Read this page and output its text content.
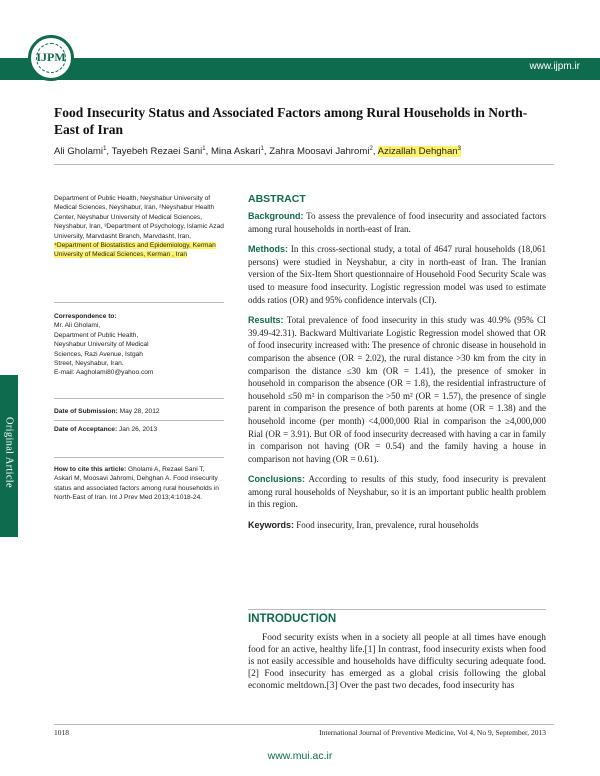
www.ijpm.ir
IJPM
Food Insecurity Status and Associated Factors among Rural Households in North-East of Iran
Ali Gholami$^1$, Tayebeh Rezaei Sani$^1$, Mina Askari$^1$, Zahra Moosavi Jahromi$^2$, Azizallah Dehghan$^3$
Department of Public Health, Neyshabur University of Medical Sciences, Neyshabur, Iran, ²Neyshabur Health Center, Neyshabur University of Medical Sciences, Neyshabur, Iran, ³Department of Psychology, Islamic Azad University, Marvdasht Branch, Marvdasht, Iran, ⁴Department of Biostatistics and Epidemiology, Kerman University of Medical Sciences, Kerman , Iran
Correspondence to:
Mr. Ali Gholami,
Department of Public Health,
Neyshabur University of Medical
Sciences, Razi Avenue, Istgah
Street, Neyshabur, Iran.
E-mail: Aagholami80@yahoo.com
Date of Submission: May 28, 2012
Date of Acceptance: Jan 26, 2013
How to cite this article: Gholami A, Rezaei Sani T, Askari M, Moosavi Jahromi, Dehghan A. Food insecurity status and associated factors among rural households in North-East of Iran. Int J Prev Med 2013;4:1018-24.
Original Article
ABSTRACT

Background: To assess the prevalence of food insecurity and associated factors among rural households in north-east of Iran.

Methods: In this cross-sectional study, a total of 4647 rural households (18,061 persons) were studied in Neyshabur, a city in north-east of Iran. The Iranian version of the Six-Item Short questionnaire of Household Food Security Scale was used to measure food insecurity. Logistic regression model was used to estimate odds ratios (OR) and 95% confidence intervals (CI).

Results: Total prevalence of food insecurity in this study was 40.9% (95% CI 39.49-42.31). Backward Multivariate Logistic Regression model showed that OR of food insecurity increased with: The presence of chronic disease in household in comparison the absence (OR = 2.02), the rural distance >30 km from the city in comparison the distance ≤30 km (OR = 1.41), the presence of smoker in household in comparison the absence (OR = 1.8), the residential infrastructure of household ≤50 m² in comparison the >50 m² (OR = 1.57), the presence of single parent in comparison the presence of both parents at home (OR = 1.38) and the household income (per month) <4,000,000 Rial in comparison the ≥4,000,000 Rial (OR = 3.91). But OR of food insecurity decreased with having a car in family in comparison not having (OR = 0.54) and the family having a house in comparison not having (OR = 0.61).

Conclusions: According to results of this study, food insecurity is prevalent among rural households of Neyshabur, so it is an important public health problem in this region.

Keywords: Food insecurity, Iran, prevalence, rural households

INTRODUCTION

Food security exists when in a society all people at all times have enough food for an active, healthy life.[1] In contrast, food insecurity exists when food is not easily accessible and households have difficulty securing adequate food.[2] Food insecurity has emerged as a global crisis following the global economic meltdown.[3] Over the past two decades, food insecurity has

1018	International Journal of Preventive Medicine, Vol 4, No 9, September, 2013
www.mui.ac.ir
